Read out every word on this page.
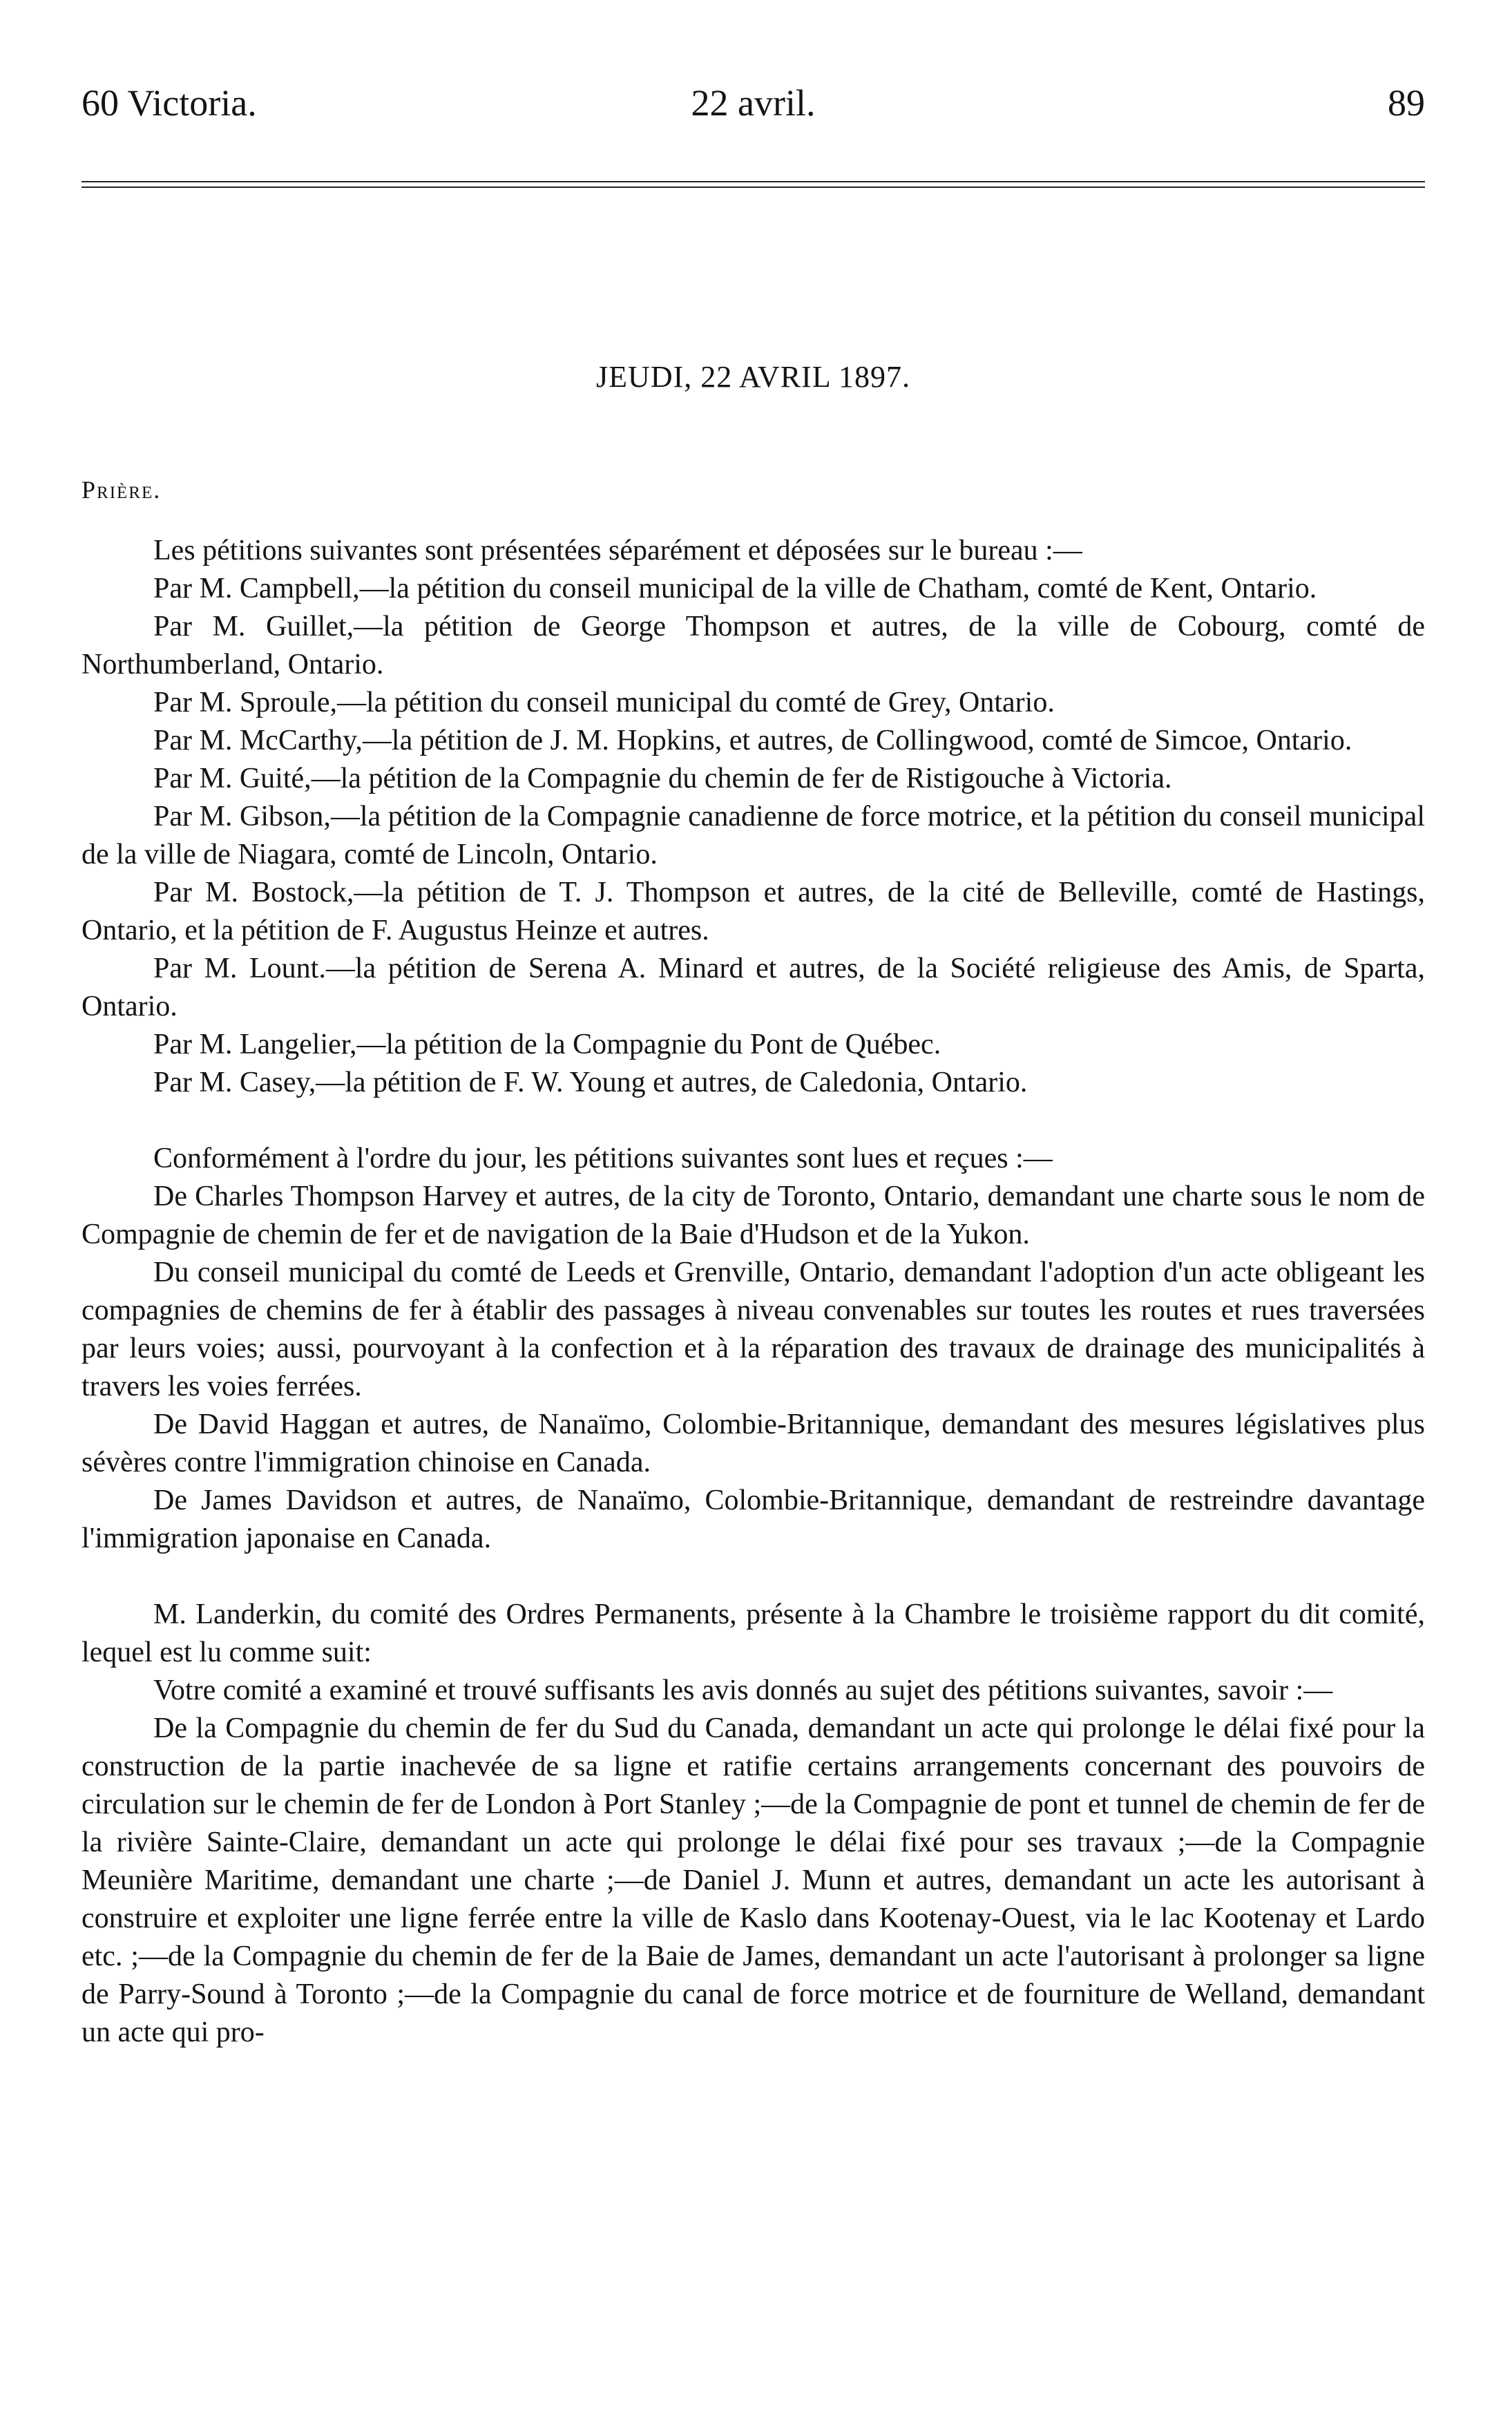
60 Victoria.	22 avril.	89
JEUDI, 22 AVRIL 1897.
Prière.

Les pétitions suivantes sont présentées séparément et déposées sur le bureau :—

Par M. Campbell,—la pétition du conseil municipal de la ville de Chatham, comté de Kent, Ontario.

Par M. Guillet,—la pétition de George Thompson et autres, de la ville de Cobourg, comté de Northumberland, Ontario.

Par M. Sproule,—la pétition du conseil municipal du comté de Grey, Ontario.

Par M. McCarthy,—la pétition de J. M. Hopkins, et autres, de Collingwood, comté de Simcoe, Ontario.

Par M. Guité,—la pétition de la Compagnie du chemin de fer de Ristigouche à Victoria.

Par M. Gibson,—la pétition de la Compagnie canadienne de force motrice, et la pétition du conseil municipal de la ville de Niagara, comté de Lincoln, Ontario.

Par M. Bostock,—la pétition de T. J. Thompson et autres, de la cité de Belleville, comté de Hastings, Ontario, et la pétition de F. Augustus Heinze et autres.

Par M. Lount.—la pétition de Serena A. Minard et autres, de la Société religieuse des Amis, de Sparta, Ontario.

Par M. Langelier,—la pétition de la Compagnie du Pont de Québec.

Par M. Casey,—la pétition de F. W. Young et autres, de Caledonia, Ontario.

Conformément à l'ordre du jour, les pétitions suivantes sont lues et reçues :—

De Charles Thompson Harvey et autres, de la city de Toronto, Ontario, demandant une charte sous le nom de Compagnie de chemin de fer et de navigation de la Baie d'Hudson et de la Yukon.

Du conseil municipal du comté de Leeds et Grenville, Ontario, demandant l'adoption d'un acte obligeant les compagnies de chemins de fer à établir des passages à niveau convenables sur toutes les routes et rues traversées par leurs voies; aussi, pourvoyant à la confection et à la réparation des travaux de drainage des municipalités à travers les voies ferrées.

De David Haggan et autres, de Nanaïmo, Colombie-Britannique, demandant des mesures législatives plus sévères contre l'immigration chinoise en Canada.

De James Davidson et autres, de Nanaïmo, Colombie-Britannique, demandant de restreindre davantage l'immigration japonaise en Canada.

M. Landerkin, du comité des Ordres Permanents, présente à la Chambre le troisième rapport du dit comité, lequel est lu comme suit:

Votre comité a examiné et trouvé suffisants les avis donnés au sujet des pétitions suivantes, savoir :—

De la Compagnie du chemin de fer du Sud du Canada, demandant un acte qui prolonge le délai fixé pour la construction de la partie inachevée de sa ligne et ratifie certains arrangements concernant des pouvoirs de circulation sur le chemin de fer de London à Port Stanley ;—de la Compagnie de pont et tunnel de chemin de fer de la rivière Sainte-Claire, demandant un acte qui prolonge le délai fixé pour ses travaux ;—de la Compagnie Meunière Maritime, demandant une charte ;—de Daniel J. Munn et autres, demandant un acte les autorisant à construire et exploiter une ligne ferrée entre la ville de Kaslo dans Kootenay-Ouest, via le lac Kootenay et Lardo etc. ;—de la Compagnie du chemin de fer de la Baie de James, demandant un acte l'autorisant à prolonger sa ligne de Parry-Sound à Toronto ;—de la Compagnie du canal de force motrice et de fourniture de Welland, demandant un acte qui pro-
